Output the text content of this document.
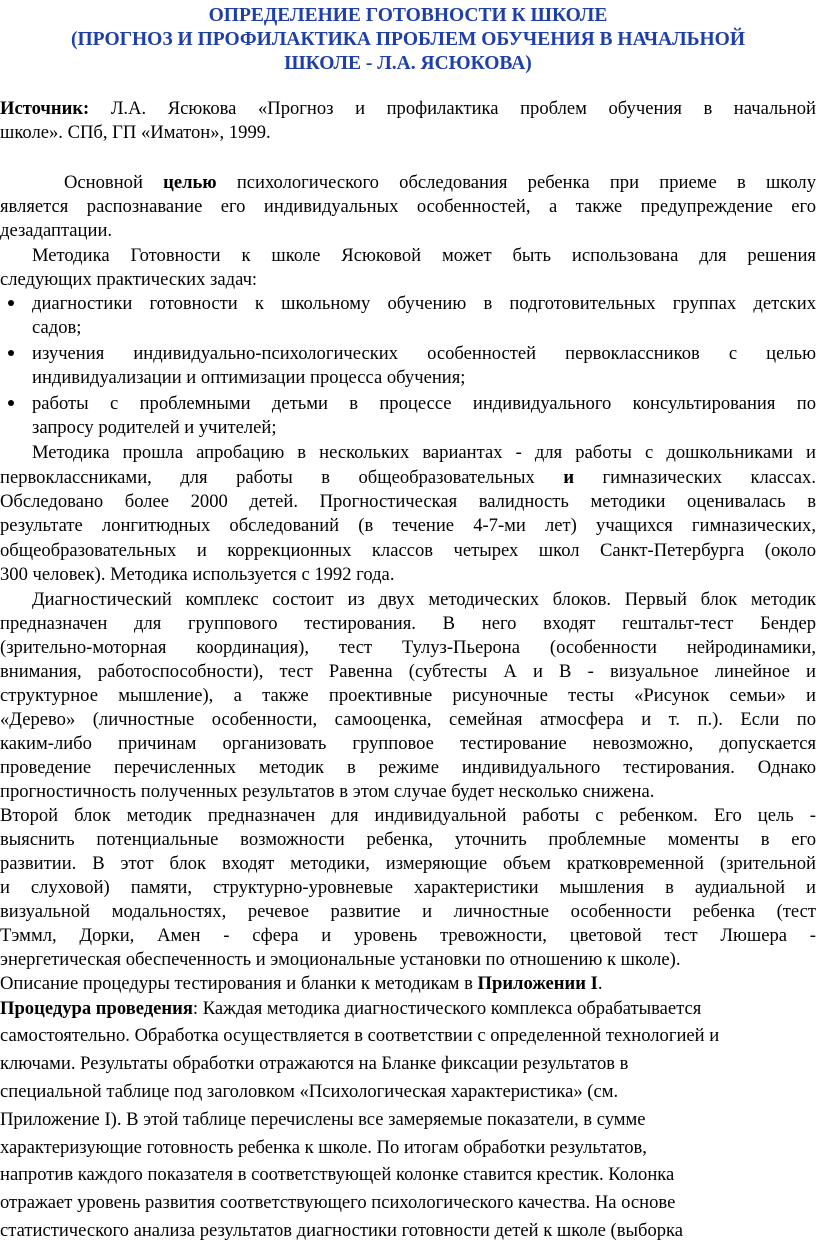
ОПРЕДЕЛЕНИЕ ГОТОВНОСТИ К ШКОЛЕ
(ПРОГНОЗ И ПРОФИЛАКТИКА ПРОБЛЕМ ОБУЧЕНИЯ В НАЧАЛЬНОЙ
ШКОЛЕ - Л.А. ЯСЮКОВА)
Источник: Л.А. Ясюкова «Прогноз и профилактика проблем обучения в начальной
школе». СПб, ГП «Иматон», 1999.
Основной целью психологического обследования ребенка при приеме в школу
является распознавание его индивидуальных особенностей, а также предупреждение его
дезадаптации.
Методика Готовности к школе Ясюковой может быть использована для решения
следующих практических задач:
диагностики готовности к школьному обучению в подготовительных группах детских
садов;
изучения индивидуально-психологических особенностей первоклассников с целью
индивидуализации и оптимизации процесса обучения;
работы с проблемными детьми в процессе индивидуального консультирования по
запросу родителей и учителей;
Методика прошла апробацию в нескольких вариантах - для работы с дошкольниками и
первоклассниками, для работы в общеобразовательных и гимназических классах.
Обследовано более 2000 детей. Прогностическая валидность методики оценивалась в
результате лонгитюдных обследований (в течение 4-7-ми лет) учащихся гимназических,
общеобразовательных и коррекционных классов четырех школ Санкт-Петербурга (около
300 человек). Методика используется с 1992 года.
Диагностический комплекс состоит из двух методических блоков. Первый блок методик
предназначен для группового тестирования. В него входят гештальт-тест Бендер
(зрительно-моторная координация), тест Тулуз-Пьерона (особенности нейродинамики,
внимания, работоспособности), тест Равенна (субтесты А и В - визуальное линейное и
структурное мышление), а также проективные рисуночные тесты «Рисунок семьи» и
«Дерево» (личностные особенности, самооценка, семейная атмосфера и т. п.). Если по
каким-либо причинам организовать групповое тестирование невозможно, допускается
проведение перечисленных методик в режиме индивидуального тестирования. Однако
прогностичность полученных результатов в этом случае будет несколько снижена.
Второй блок методик предназначен для индивидуальной работы с ребенком. Его цель -
выяснить потенциальные возможности ребенка, уточнить проблемные моменты в его
развитии. В этот блок входят методики, измеряющие объем кратковременной (зрительной
и слуховой) памяти, структурно-уровневые характеристики мышления в аудиальной и
визуальной модальностях, речевое развитие и личностные особенности ребенка (тест
Тэммл, Дорки, Амен - сфера и уровень тревожности, цветовой тест Люшера -
энергетическая обеспеченность и эмоциональные установки по отношению к школе).
Описание процедуры тестирования и бланки к методикам в Приложении I.
Процедура проведения: Каждая методика диагностического комплекса обрабатывается
самостоятельно. Обработка осуществляется в соответствии с определенной технологией и
ключами. Результаты обработки отражаются на Бланке фиксации результатов в
специальной таблице под заголовком «Психологическая характеристика» (см.
Приложение I). В этой таблице перечислены все замеряемые показатели, в сумме
характеризующие готовность ребенка к школе. По итогам обработки результатов,
напротив каждого показателя в соответствующей колонке ставится крестик. Колонка
отражает уровень развития соответствующего психологического качества. На основе
статистического анализа результатов диагностики готовности детей к школе (выборка
